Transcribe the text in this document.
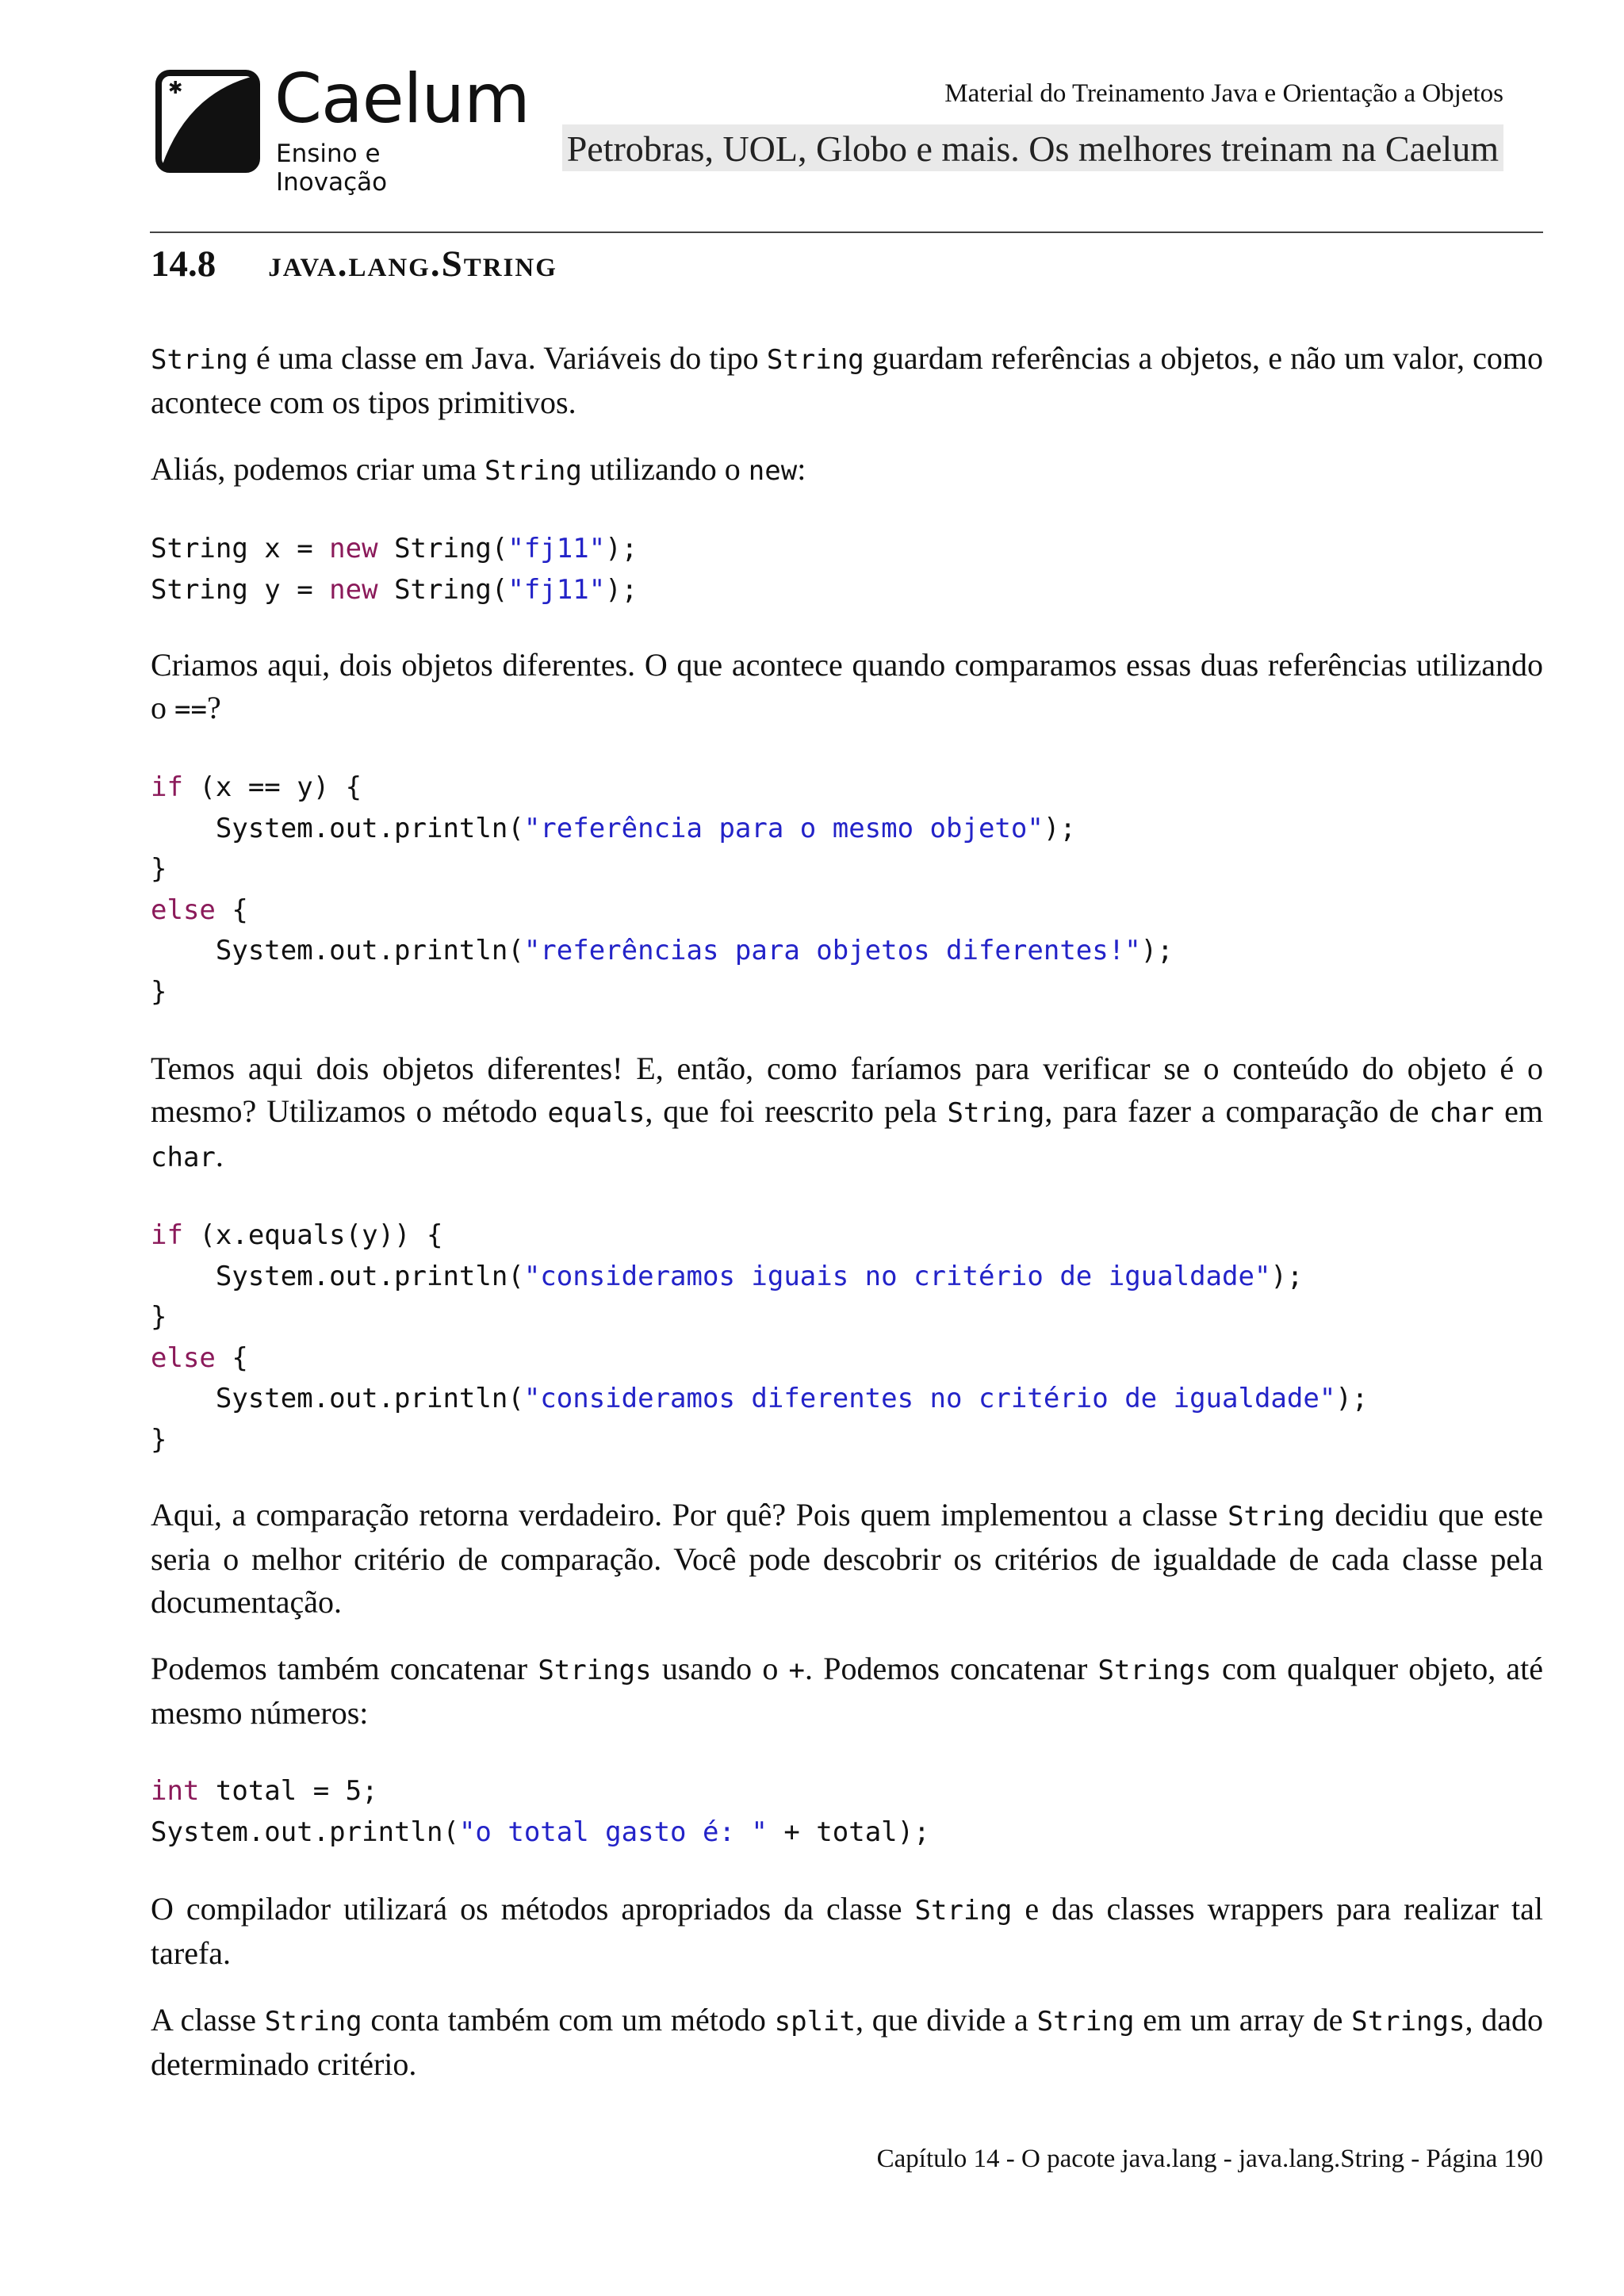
✱ Caelum
Ensino e Inovação
Material do Treinamento Java e Orientação a Objetos
Petrobras, UOL, Globo e mais. Os melhores treinam na Caelum
14.8 java.lang.String

String é uma classe em Java. Variáveis do tipo String guardam referências a objetos, e não um valor, como acontece com os tipos primitivos.

Aliás, podemos criar uma String utilizando o new:

String x = new String("fj11");
String y = new String("fj11");

Criamos aqui, dois objetos diferentes. O que acontece quando comparamos essas duas referências utilizando o ==?

if (x == y) {
System.out.println("referência para o mesmo objeto");
}
else {
System.out.println("referências para objetos diferentes!");
}

Temos aqui dois objetos diferentes! E, então, como faríamos para verificar se o conteúdo do objeto é o mesmo? Utilizamos o método equals, que foi reescrito pela String, para fazer a comparação de char em char.

if (x.equals(y)) {
System.out.println("consideramos iguais no critério de igualdade");
}
else {
System.out.println("consideramos diferentes no critério de igualdade");
}

Aqui, a comparação retorna verdadeiro. Por quê? Pois quem implementou a classe String decidiu que este seria o melhor critério de comparação. Você pode descobrir os critérios de igualdade de cada classe pela documentação.

Podemos também concatenar Strings usando o +. Podemos concatenar Strings com qualquer objeto, até mesmo números:

int total = 5;
System.out.println("o total gasto é: " + total);

O compilador utilizará os métodos apropriados da classe String e das classes wrappers para realizar tal tarefa.

A classe String conta também com um método split, que divide a String em um array de Strings, dado determinado critério.

Capítulo 14 - O pacote java.lang - java.lang.String - Página 190
